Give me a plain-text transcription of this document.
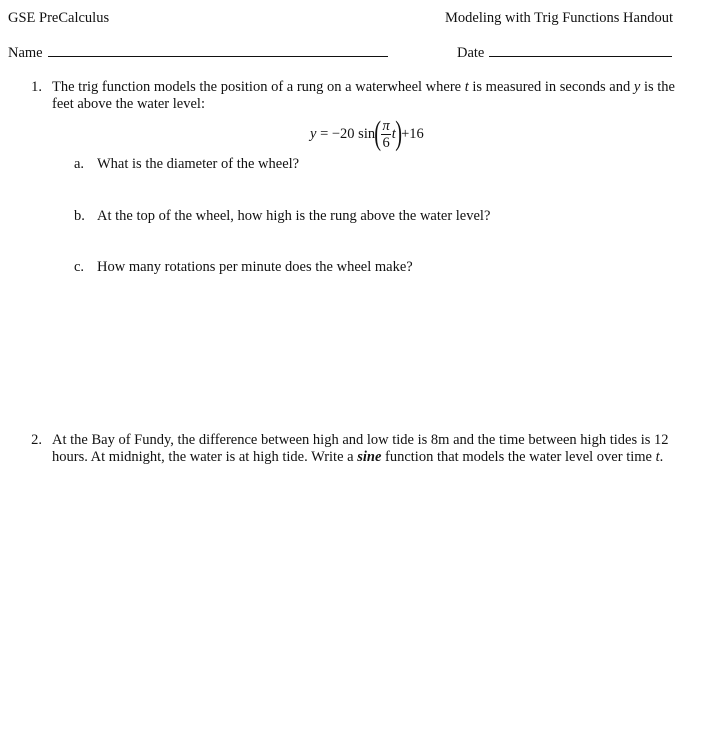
GSE PreCalculus	Modeling with Trig Functions Handout
Name	Date
1. The trig function models the position of a rung on a waterwheel where t is measured in seconds and y is the feet above the water level:
y = −20 sin ( $\frac{\pi}{6}$ t ) +16
a. What is the diameter of the wheel?
b. At the top of the wheel, how high is the rung above the water level?
c. How many rotations per minute does the wheel make?
2. At the Bay of Fundy, the difference between high and low tide is 8m and the time between high tides is 12 hours. At midnight, the water is at high tide. Write a sine function that models the water level over time t.
